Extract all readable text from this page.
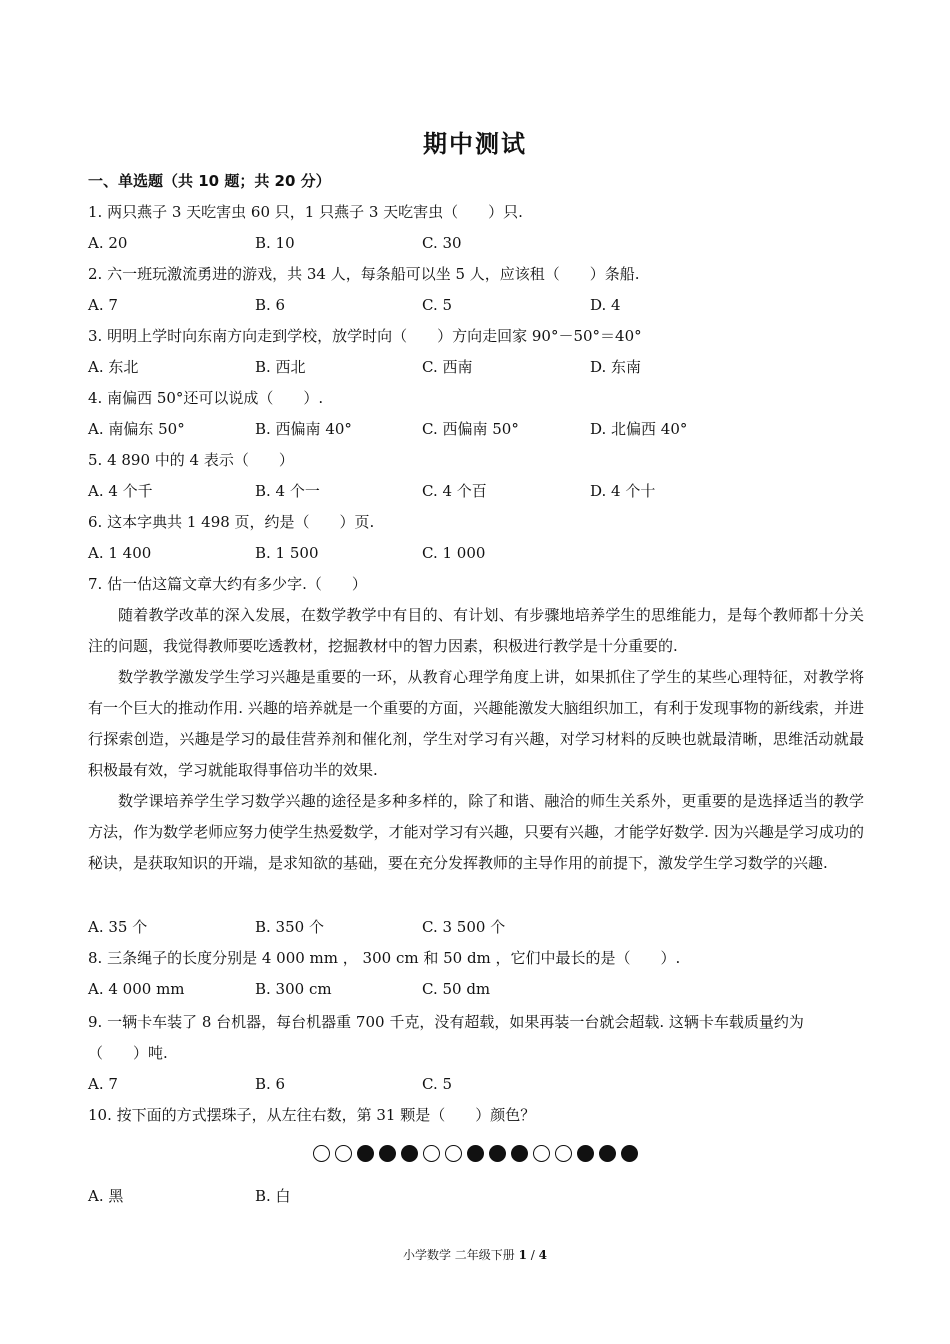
期中测试
一、单选题（共 10 题；共 20 分）
1. 两只燕子 3 天吃害虫 60 只，1 只燕子 3 天吃害虫（　　）只.
A. 20	B. 10	C. 30
2. 六一班玩激流勇进的游戏，共 34 人，每条船可以坐 5 人，应该租（　　）条船.
A. 7	B. 6	C. 5	D. 4
3. 明明上学时向东南方向走到学校，放学时向（　　）方向走回家 90°－50°＝40°
A. 东北	B. 西北	C. 西南	D. 东南
4. 南偏西 50°还可以说成（　　）.
A. 南偏东 50°	B. 西偏南 40°	C. 西偏南 50°	D. 北偏西 40°
5. 4 890 中的 4 表示（　　）
A. 4 个千	B. 4 个一	C. 4 个百	D. 4 个十
6. 这本字典共 1 498 页，约是（　　）页.
A. 1 400	B. 1 500	C. 1 000
7. 估一估这篇文章大约有多少字.（　　）
随着教学改革的深入发展，在数学教学中有目的、有计划、有步骤地培养学生的思维能力，是每个教师都十分关注的问题，我觉得教师要吃透教材，挖掘教材中的智力因素，积极进行教学是十分重要的.
数学教学激发学生学习兴趣是重要的一环，从教育心理学角度上讲，如果抓住了学生的某些心理特征，对教学将有一个巨大的推动作用. 兴趣的培养就是一个重要的方面，兴趣能激发大脑组织加工，有利于发现事物的新线索，并进行探索创造，兴趣是学习的最佳营养剂和催化剂，学生对学习有兴趣，对学习材料的反映也就最清晰，思维活动就最积极最有效，学习就能取得事倍功半的效果.
数学课培养学生学习数学兴趣的途径是多种多样的，除了和谐、融洽的师生关系外，更重要的是选择适当的教学方法，作为数学老师应努力使学生热爱数学，才能对学习有兴趣，只要有兴趣，才能学好数学. 因为兴趣是学习成功的秘诀，是获取知识的开端，是求知欲的基础，要在充分发挥教师的主导作用的前提下，激发学生学习数学的兴趣.
A. 35 个	B. 350 个	C. 3 500 个
8. 三条绳子的长度分别是 4 000 mm ， 300 cm 和 50 dm ，它们中最长的是（　　）.
A. 4 000 mm	B. 300 cm	C. 50 dm
9. 一辆卡车装了 8 台机器，每台机器重 700 千克，没有超载，如果再装一台就会超载. 这辆卡车载质量约为
（　　）吨.
A. 7	B. 6	C. 5
10. 按下面的方式摆珠子，从左往右数，第 31 颗是（　　）颜色？
A. 黑	B. 白
小学数学 二年级下册 1 / 4
